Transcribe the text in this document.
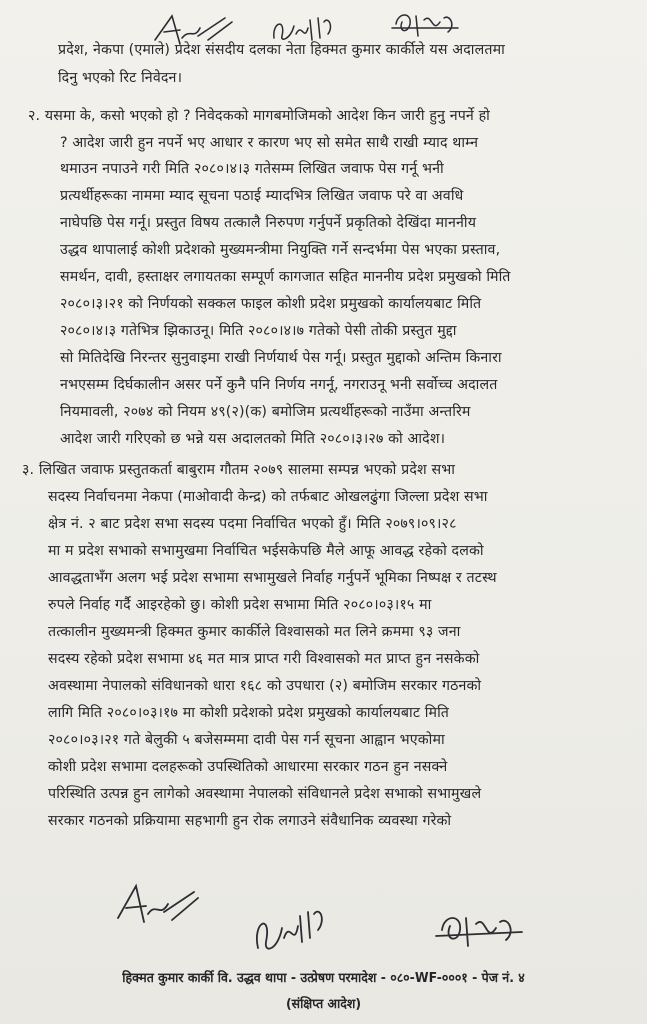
प्रदेश, नेकपा (एमाले) प्रदेश संसदीय दलका नेता हिक्मत कुमार कार्कीले यस अदालतमा
दिनु भएको रिट निवेदन।
२. यसमा के, कसो भएको हो ? निवेदकको मागबमोजिमको आदेश किन जारी हुनु नपर्ने हो
? आदेश जारी हुन नपर्ने भए आधार र कारण भए सो समेत साथै राखी म्याद थाम्न
थमाउन नपाउने गरी मिति २०८०।४।३ गतेसम्म लिखित जवाफ पेस गर्नू भनी
प्रत्यर्थीहरूका नाममा म्याद सूचना पठाई म्यादभित्र लिखित जवाफ परे वा अवधि
नाघेपछि पेस गर्नू। प्रस्तुत विषय तत्कालै निरुपण गर्नुपर्ने प्रकृतिको देखिंदा माननीय
उद्धव थापालाई कोशी प्रदेशको मुख्यमन्त्रीमा नियुक्ति गर्ने सन्दर्भमा पेस भएका प्रस्ताव,
समर्थन, दावी, हस्ताक्षर लगायतका सम्पूर्ण कागजात सहित माननीय प्रदेश प्रमुखको मिति
२०८०।३।२१ को निर्णयको सक्कल फाइल कोशी प्रदेश प्रमुखको कार्यालयबाट मिति
२०८०।४।३ गतेभित्र झिकाउनू। मिति २०८०।४।७ गतेको पेसी तोकी प्रस्तुत मुद्दा
सो मितिदेखि निरन्तर सुनुवाइमा राखी निर्णयार्थ पेस गर्नू। प्रस्तुत मुद्दाको अन्तिम किनारा
नभएसम्म दिर्घकालीन असर पर्ने कुनै पनि निर्णय नगर्नू, नगराउनू भनी सर्वोच्च अदालत
नियमावली, २०७४ को नियम ४९(२)(क) बमोजिम प्रत्यर्थीहरूको नाउँमा अन्तरिम
आदेश जारी गरिएको छ भन्ने यस अदालतको मिति २०८०।३।२७ को आदेश।
३. लिखित जवाफ प्रस्तुतकर्ता बाबुराम गौतम २०७९ सालमा सम्पन्न भएको प्रदेश सभा
सदस्य निर्वाचनमा नेकपा (माओवादी केन्द्र) को तर्फबाट ओखलढुंगा जिल्ला प्रदेश सभा
क्षेत्र नं. २ बाट प्रदेश सभा सदस्य पदमा निर्वाचित भएको हुँ। मिति २०७९।०९।२८
मा म प्रदेश सभाको सभामुखमा निर्वाचित भईसकेपछि मैले आफू आवद्ध रहेको दलको
आवद्धताभँग अलग भई प्रदेश सभामा सभामुखले निर्वाह गर्नुपर्ने भूमिका निष्पक्ष र तटस्थ
रुपले निर्वाह गर्दै आइरहेको छु। कोशी प्रदेश सभामा मिति २०८०।०३।१५ मा
तत्कालीन मुख्यमन्त्री हिक्मत कुमार कार्कीले विश्वासको मत लिने क्रममा ९३ जना
सदस्य रहेको प्रदेश सभामा ४६ मत मात्र प्राप्त गरी विश्वासको मत प्राप्त हुन नसकेको
अवस्थामा नेपालको संविधानको धारा १६८ को उपधारा (२) बमोजिम सरकार गठनको
लागि मिति २०८०।०३।१७ मा कोशी प्रदेशको प्रदेश प्रमुखको कार्यालयबाट मिति
२०८०।०३।२१ गते बेलुकी ५ बजेसम्ममा दावी पेस गर्न सूचना आह्वान भएकोमा
कोशी प्रदेश सभामा दलहरूको उपस्थितिको आधारमा सरकार गठन हुन नसक्ने
परिस्थिति उत्पन्न हुन लागेको अवस्थामा नेपालको संविधानले प्रदेश सभाको सभामुखले
सरकार गठनको प्रक्रियामा सहभागी हुन रोक लगाउने संवैधानिक व्यवस्था गरेको
हिक्मत कुमार कार्की वि. उद्धव थापा - उत्प्रेषण परमादेश - ०८०-WF-०००१ - पेज नं. ४
(संक्षिप्त आदेश)
